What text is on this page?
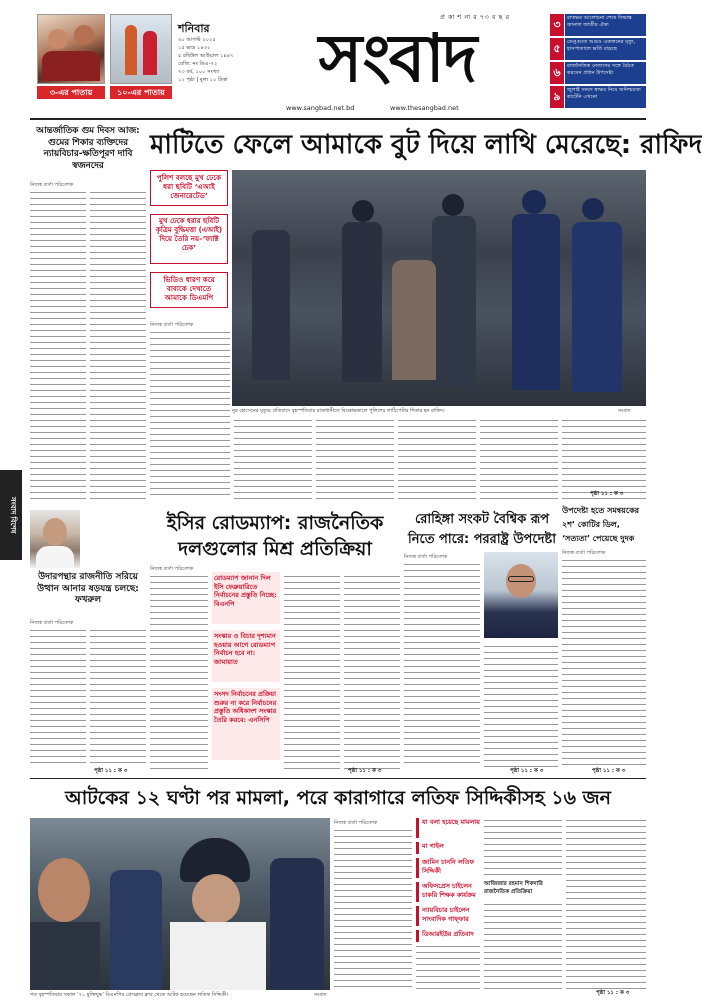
৩-এর পাতায়	১০-এর পাতায়
শনিবার
৩০ আগস্ট ২০২৫
১৫ ভাদ্র ১৪৩২
৫ রবিউল আউয়াল ১৪৪৭
রেজি: নং ডিএ-৭২
৭৩ বর্ষ, ১০০ সংখ্যা
১২ পৃষ্ঠা | মূল্য ১০ টাকা
প্র কা শ না র ৭৩ ব ছ র
সংবাদ
www.sangbad.net.bd	www.thesangbad.net
৩	রাতভর আলোচনা শেষে সিদ্ধান্ত জানাল জাতীয় ঐক্য
৫	ডেঙ্গুতে আরও একজনের মৃত্যু, হাসপাতালে ভর্তি বাড়ছে
৬	রাজনৈতিক নেতাদের সঙ্গে বৈঠক করবেন প্রধান উপদেষ্টা
৯	জুলাই সনদে স্বাক্ষর নিয়ে অনিশ্চয়তা কাটেনি এখনো
সংবাদ বিশেষ
আন্তর্জাতিক গুম দিবস আজ: গুমের শিকার ব্যক্তিদের ন্যায়বিচার-ক্ষতিপূরণ দাবি স্বজনদের
নিজস্ব বার্তা পরিবেশক
মাটিতে ফেলে আমাকে বুট দিয়ে লাথি মেরেছে: রাফিদ
পুলিশ বলছে মুখ ঢেকে ধরা ছবিটি ‘এআই জেনারেটেড’
মুখ ঢেকে ধরার ছবিটি কৃত্রিম বুদ্ধিমত্তা (এআই) দিয়ে তৈরি নয়–‘ফ্যাক্ট চেক’
ভিডিও ধারণ করে বাবাকে দেখাতে আমাকে ডিএমপি
নুর হোসেনের মৃত্যুর প্রতিবাদে বৃহস্পতিবার রাজধানীতে বিক্ষোভকালে পুলিশের লাঠিপেটার শিকার হন রাফিদ।	সংবাদ
নিজস্ব বার্তা পরিবেশক
পৃষ্ঠা ১১ : ক ৩
উদারপন্থার রাজনীতি সরিয়ে উত্থান আনার ষড়যন্ত্র চলছে: ফখরুল
নিজস্ব বার্তা পরিবেশক
পৃষ্ঠা ১১ : ক ৩
ইসির রোডম্যাপ: রাজনৈতিক
দলগুলোর মিশ্র প্রতিক্রিয়া
নিজস্ব বার্তা পরিবেশক
রোডম্যাপ জানান দিল ইসি ফেব্রুয়ারিতে নির্বাচনের প্রস্তুতি নিচ্ছে: বিএনপি
সংস্কার ও বিচার দৃশ্যমান হওয়ার আগে রোডম্যাপ নির্বাচন হবে না: জামায়াত
সংসদ নির্বাচনের প্রক্রিয়া শুরুর না করে নির্বাচনের প্রস্তুতি অধিকাংশ সংস্কার তৈরি করবে: এনসিপি
পৃষ্ঠা ১১ : ক ৩
রোহিঙ্গা সংকট বৈশ্বিক রূপ
নিতে পারে: পররাষ্ট্র উপদেষ্টা
নিজস্ব বার্তা পরিবেশক
পৃষ্ঠা ১১ : ক ৩
উপদেষ্টা হতে সমন্বয়কের
২শ’ কোটির ডিল,
‘সত্যতা’ পেয়েছে দুদক
নিজস্ব বার্তা পরিবেশক
পৃষ্ঠা ১১ : ক ৩
আটকের ১২ ঘণ্টা পর মামলা, পরে কারাগারে লতিফ সিদ্দিকীসহ ১৬ জন
গত বৃহস্পতিবার সকাল ‘৭১ মুক্তিযুদ্ধ’ বিএনপির প্রেসক্লাব ক্লাব থেকে আটক হয়েছেন লতিফ সিদ্দিকী।	সংবাদ
নিজস্ব বার্তা পরিবেশক	যা বলা হয়েছে মামলায়
মা গাইল
জামিন চাননি লতিফ সিদ্দিকী
অফিসপ্রেস চাইলেন চাকরি শিক্ষক কার্যক্রম
ন্যায়বিচার চাইলেন সাংবাদিক গাফ্ফার
ডিআরইউর প্রতিবাদ
আজিজার রহমান শিকদারি রাজনৈতিক প্রতিক্রিয়া
পৃষ্ঠা ১১ : ক ৩
